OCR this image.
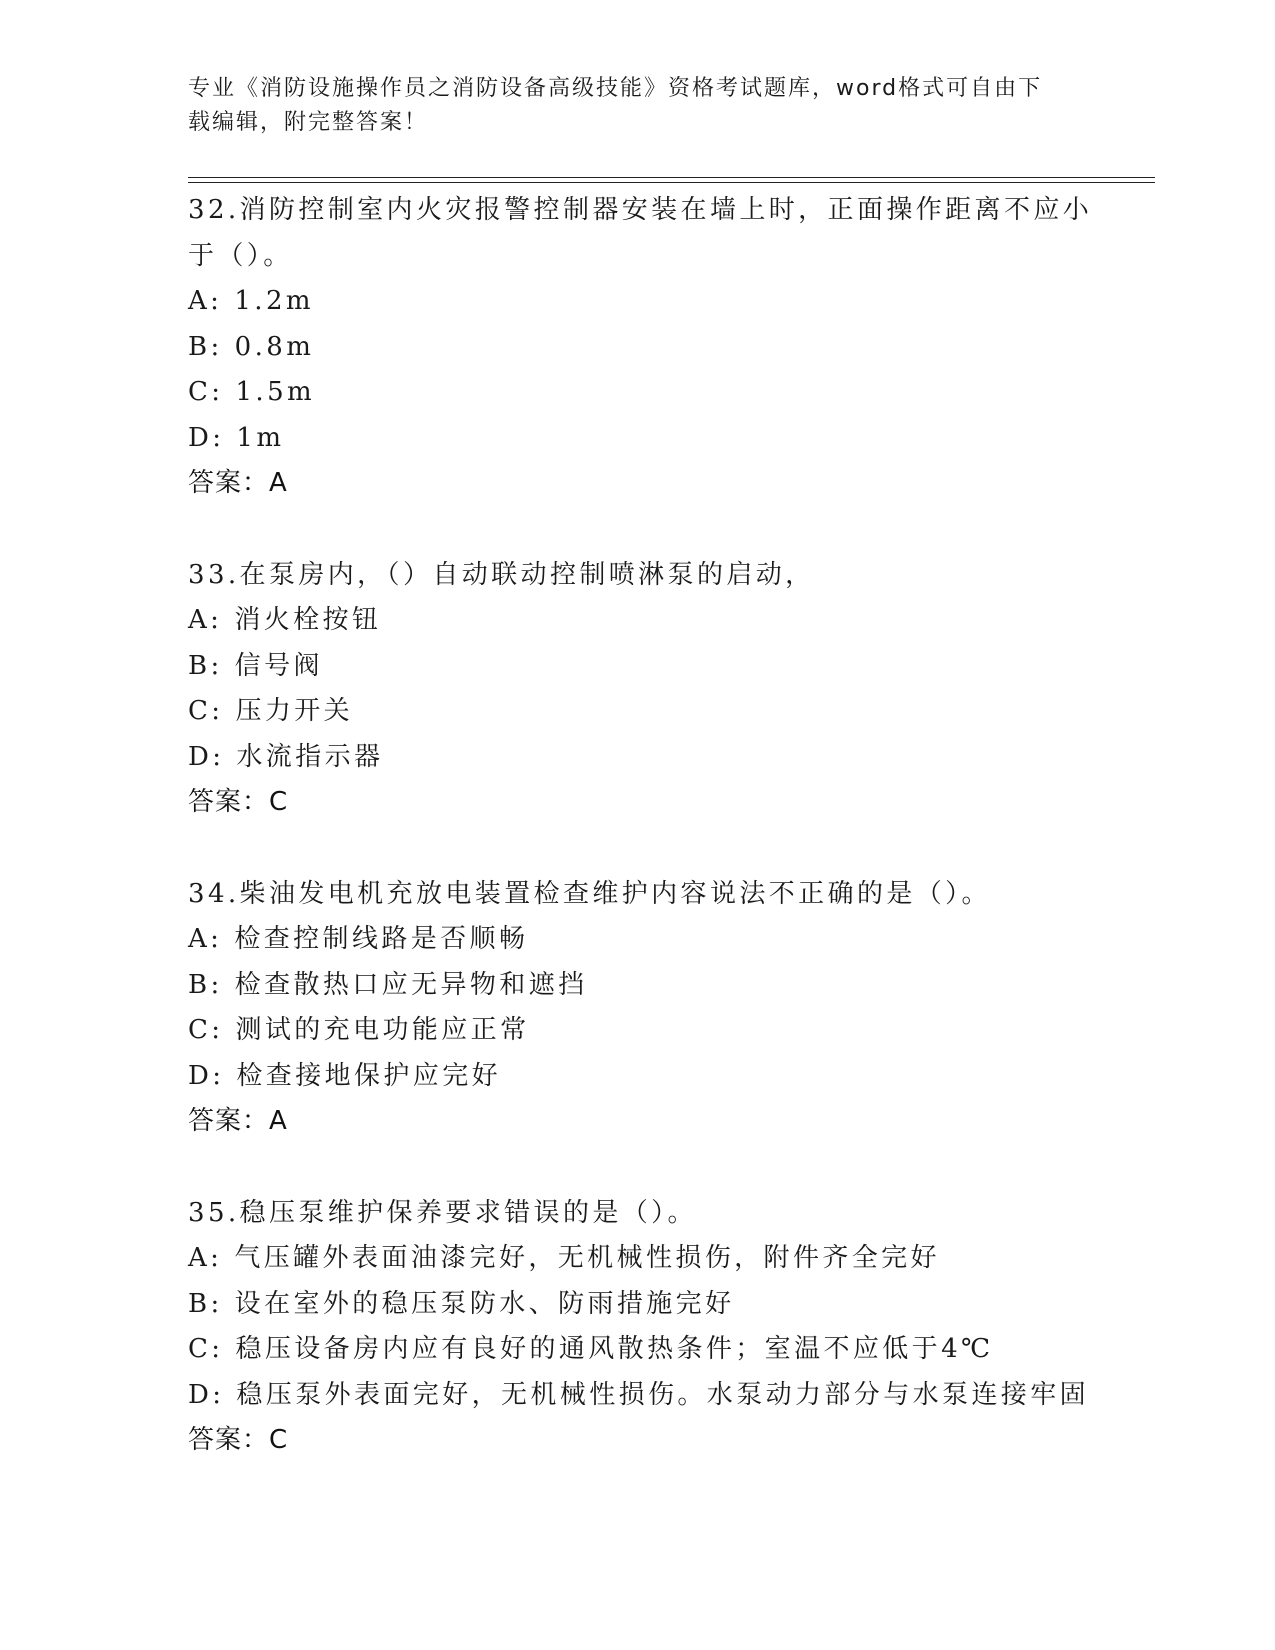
专业《消防设施操作员之消防设备高级技能》资格考试题库，word格式可自由下
载编辑，附完整答案！
32.消防控制室内火灾报警控制器安装在墙上时，正面操作距离不应小于（）。
A: 1.2m
B: 0.8m
C: 1.5m
D: 1m
答案：A
33.在泵房内，（）自动联动控制喷淋泵的启动，
A: 消火栓按钮
B: 信号阀
C: 压力开关
D: 水流指示器
答案：C
34.柴油发电机充放电装置检查维护内容说法不正确的是（）。
A: 检查控制线路是否顺畅
B: 检查散热口应无异物和遮挡
C: 测试的充电功能应正常
D: 检查接地保护应完好
答案：A
35.稳压泵维护保养要求错误的是（）。
A: 气压罐外表面油漆完好，无机械性损伤，附件齐全完好
B: 设在室外的稳压泵防水、防雨措施完好
C: 稳压设备房内应有良好的通风散热条件；室温不应低于4℃
D: 稳压泵外表面完好，无机械性损伤。水泵动力部分与水泵连接牢固
答案：C
